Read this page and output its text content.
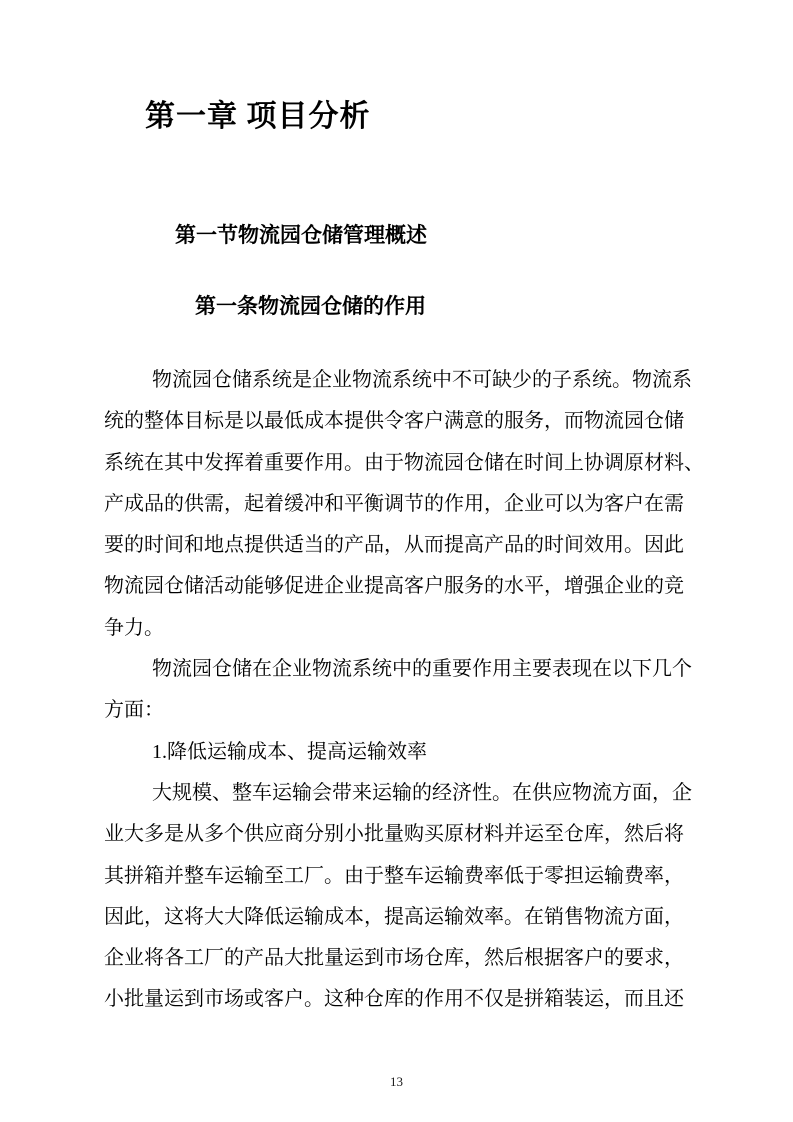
第一章 项目分析
第一节物流园仓储管理概述
第一条物流园仓储的作用
物流园仓储系统是企业物流系统中不可缺少的子系统。物流系
统的整体目标是以最低成本提供令客户满意的服务，而物流园仓储
系统在其中发挥着重要作用。由于物流园仓储在时间上协调原材料、
产成品的供需，起着缓冲和平衡调节的作用，企业可以为客户在需
要的时间和地点提供适当的产品，从而提高产品的时间效用。因此
物流园仓储活动能够促进企业提高客户服务的水平，增强企业的竞
争力。
物流园仓储在企业物流系统中的重要作用主要表现在以下几个
方面：
1.降低运输成本、提高运输效率
大规模、整车运输会带来运输的经济性。在供应物流方面，企
业大多是从多个供应商分别小批量购买原材料并运至仓库，然后将
其拼箱并整车运输至工厂。由于整车运输费率低于零担运输费率，
因此，这将大大降低运输成本，提高运输效率。在销售物流方面，
企业将各工厂的产品大批量运到市场仓库，然后根据客户的要求，
小批量运到市场或客户。这种仓库的作用不仅是拼箱装运，而且还
13
